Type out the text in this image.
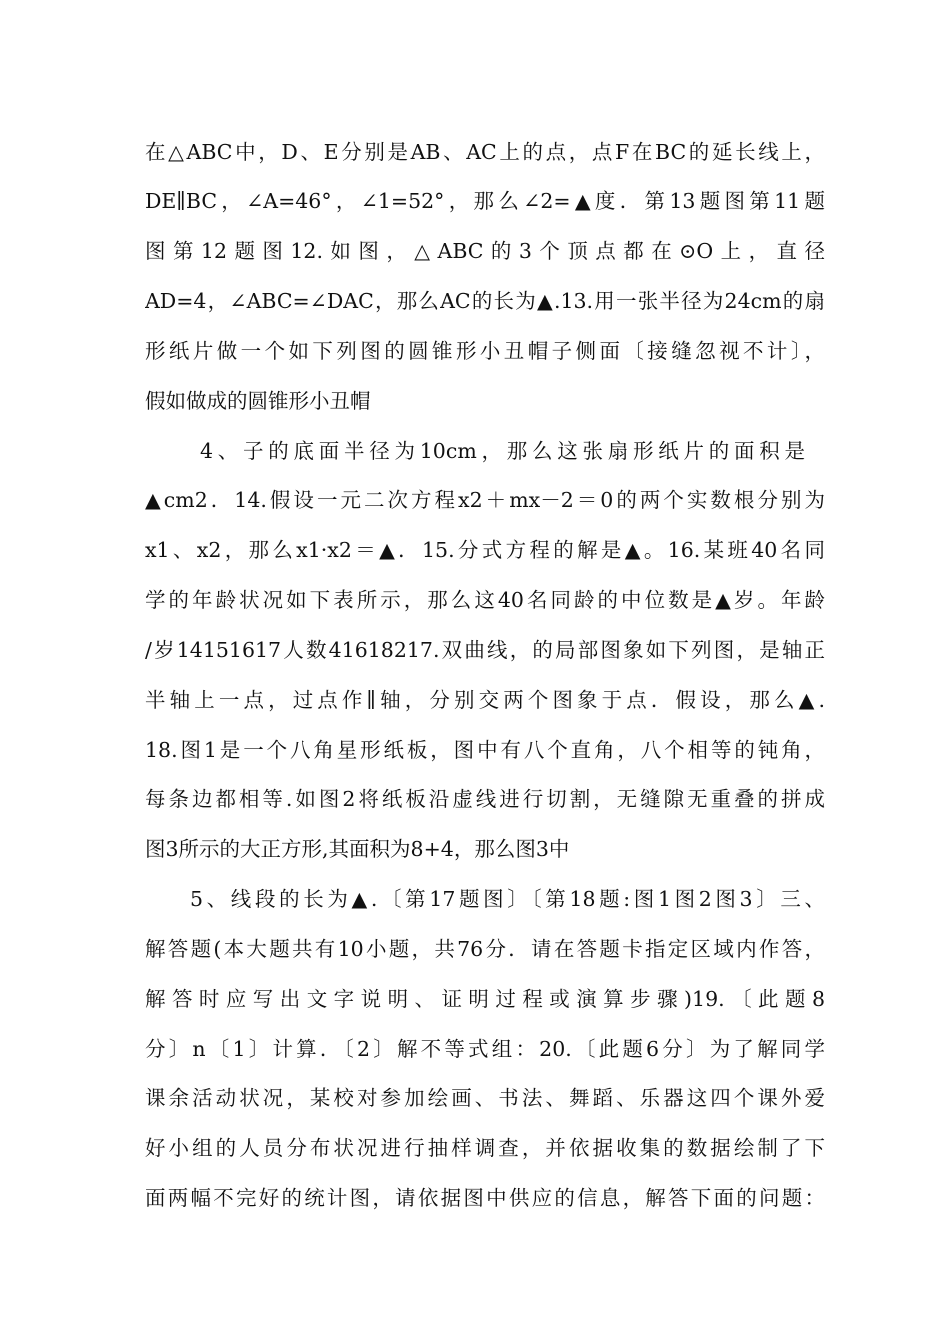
在△ABC中，D、E分别是AB、AC上的点，点F在BC的延长线上，
DE∥BC，∠A=46°，∠1=52°，那么∠2=▲度．第13题图第11题
图第12题图12.如图，△ABC的3个顶点都在⊙O上，直径
AD=4，∠ABC=∠DAC，那么AC的长为▲.13.用一张半径为24cm的扇
形纸片做一个如下列图的圆锥形小丑帽子侧面〔接缝忽视不计〕，
假如做成的圆锥形小丑帽
4、子的底面半径为10cm，那么这张扇形纸片的面积是
▲cm2．14.假设一元二次方程x2＋mx－2＝0的两个实数根分别为
x1、x2，那么x1·x2＝▲．15.分式方程的解是▲。16.某班40名同
学的年龄状况如下表所示，那么这40名同龄的中位数是▲岁。年龄
/岁14151617人数41618217.双曲线，的局部图象如下列图，是轴正
半轴上一点，过点作∥轴，分别交两个图象于点．假设，那么▲.
18.图1是一个八角星形纸板，图中有八个直角，八个相等的钝角，
每条边都相等.如图2将纸板沿虚线进行切割，无缝隙无重叠的拼成
图3所示的大正方形,其面积为8+4，那么图3中
5、线段的长为▲.〔第17题图〕〔第18题:图1图2图3〕三、
解答题(本大题共有10小题，共76分．请在答题卡指定区域内作答，
解答时应写出文字说明、证明过程或演算步骤)19.〔此题8
分〕n〔1〕计算．〔2〕解不等式组：20.〔此题6分〕为了解同学
课余活动状况，某校对参加绘画、书法、舞蹈、乐器这四个课外爱
好小组的人员分布状况进行抽样调查，并依据收集的数据绘制了下
面两幅不完好的统计图，请依据图中供应的信息，解答下面的问题：
